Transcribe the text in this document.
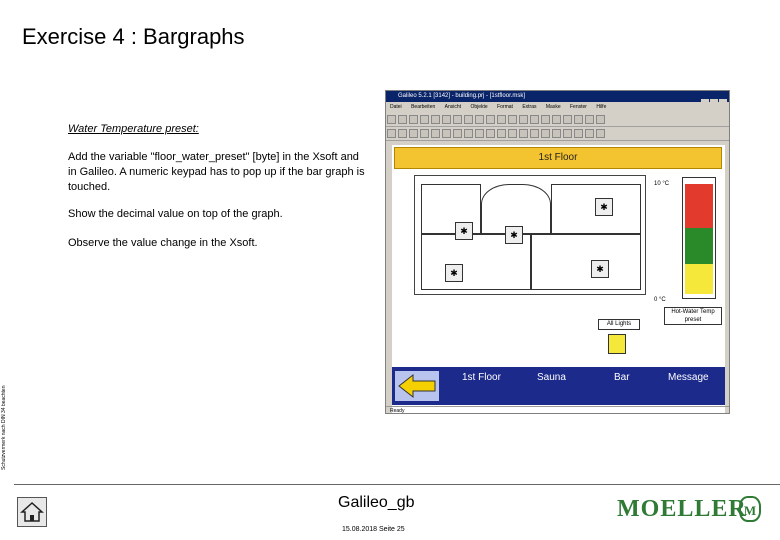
Exercise 4 : Bargraphs
Schutzvermerk nach DIN 34 beachten
Water Temperature preset:
Add the variable "floor_water_preset" [byte] in the Xsoft and in Galileo. A numeric keypad has to pop up if the bar graph is touched.
Show the decimal value on top of the graph.
Observe the value change in the Xsoft.
Galileo 5.2.1 [3142] - building.prj - [1stfloor.msk]
Datei Bearbeiten Ansicht Objekte Format Extras Maske Fenster Hilfe
1st Floor
✱	✱
✱
✱
✱
10 °C
0 °C
Hot-Water Temp preset
All Lights
1st Floor	Sauna	Bar	Message
Ready
Galileo_gb
15.08.2018 Seite 25
MOELLER
M
